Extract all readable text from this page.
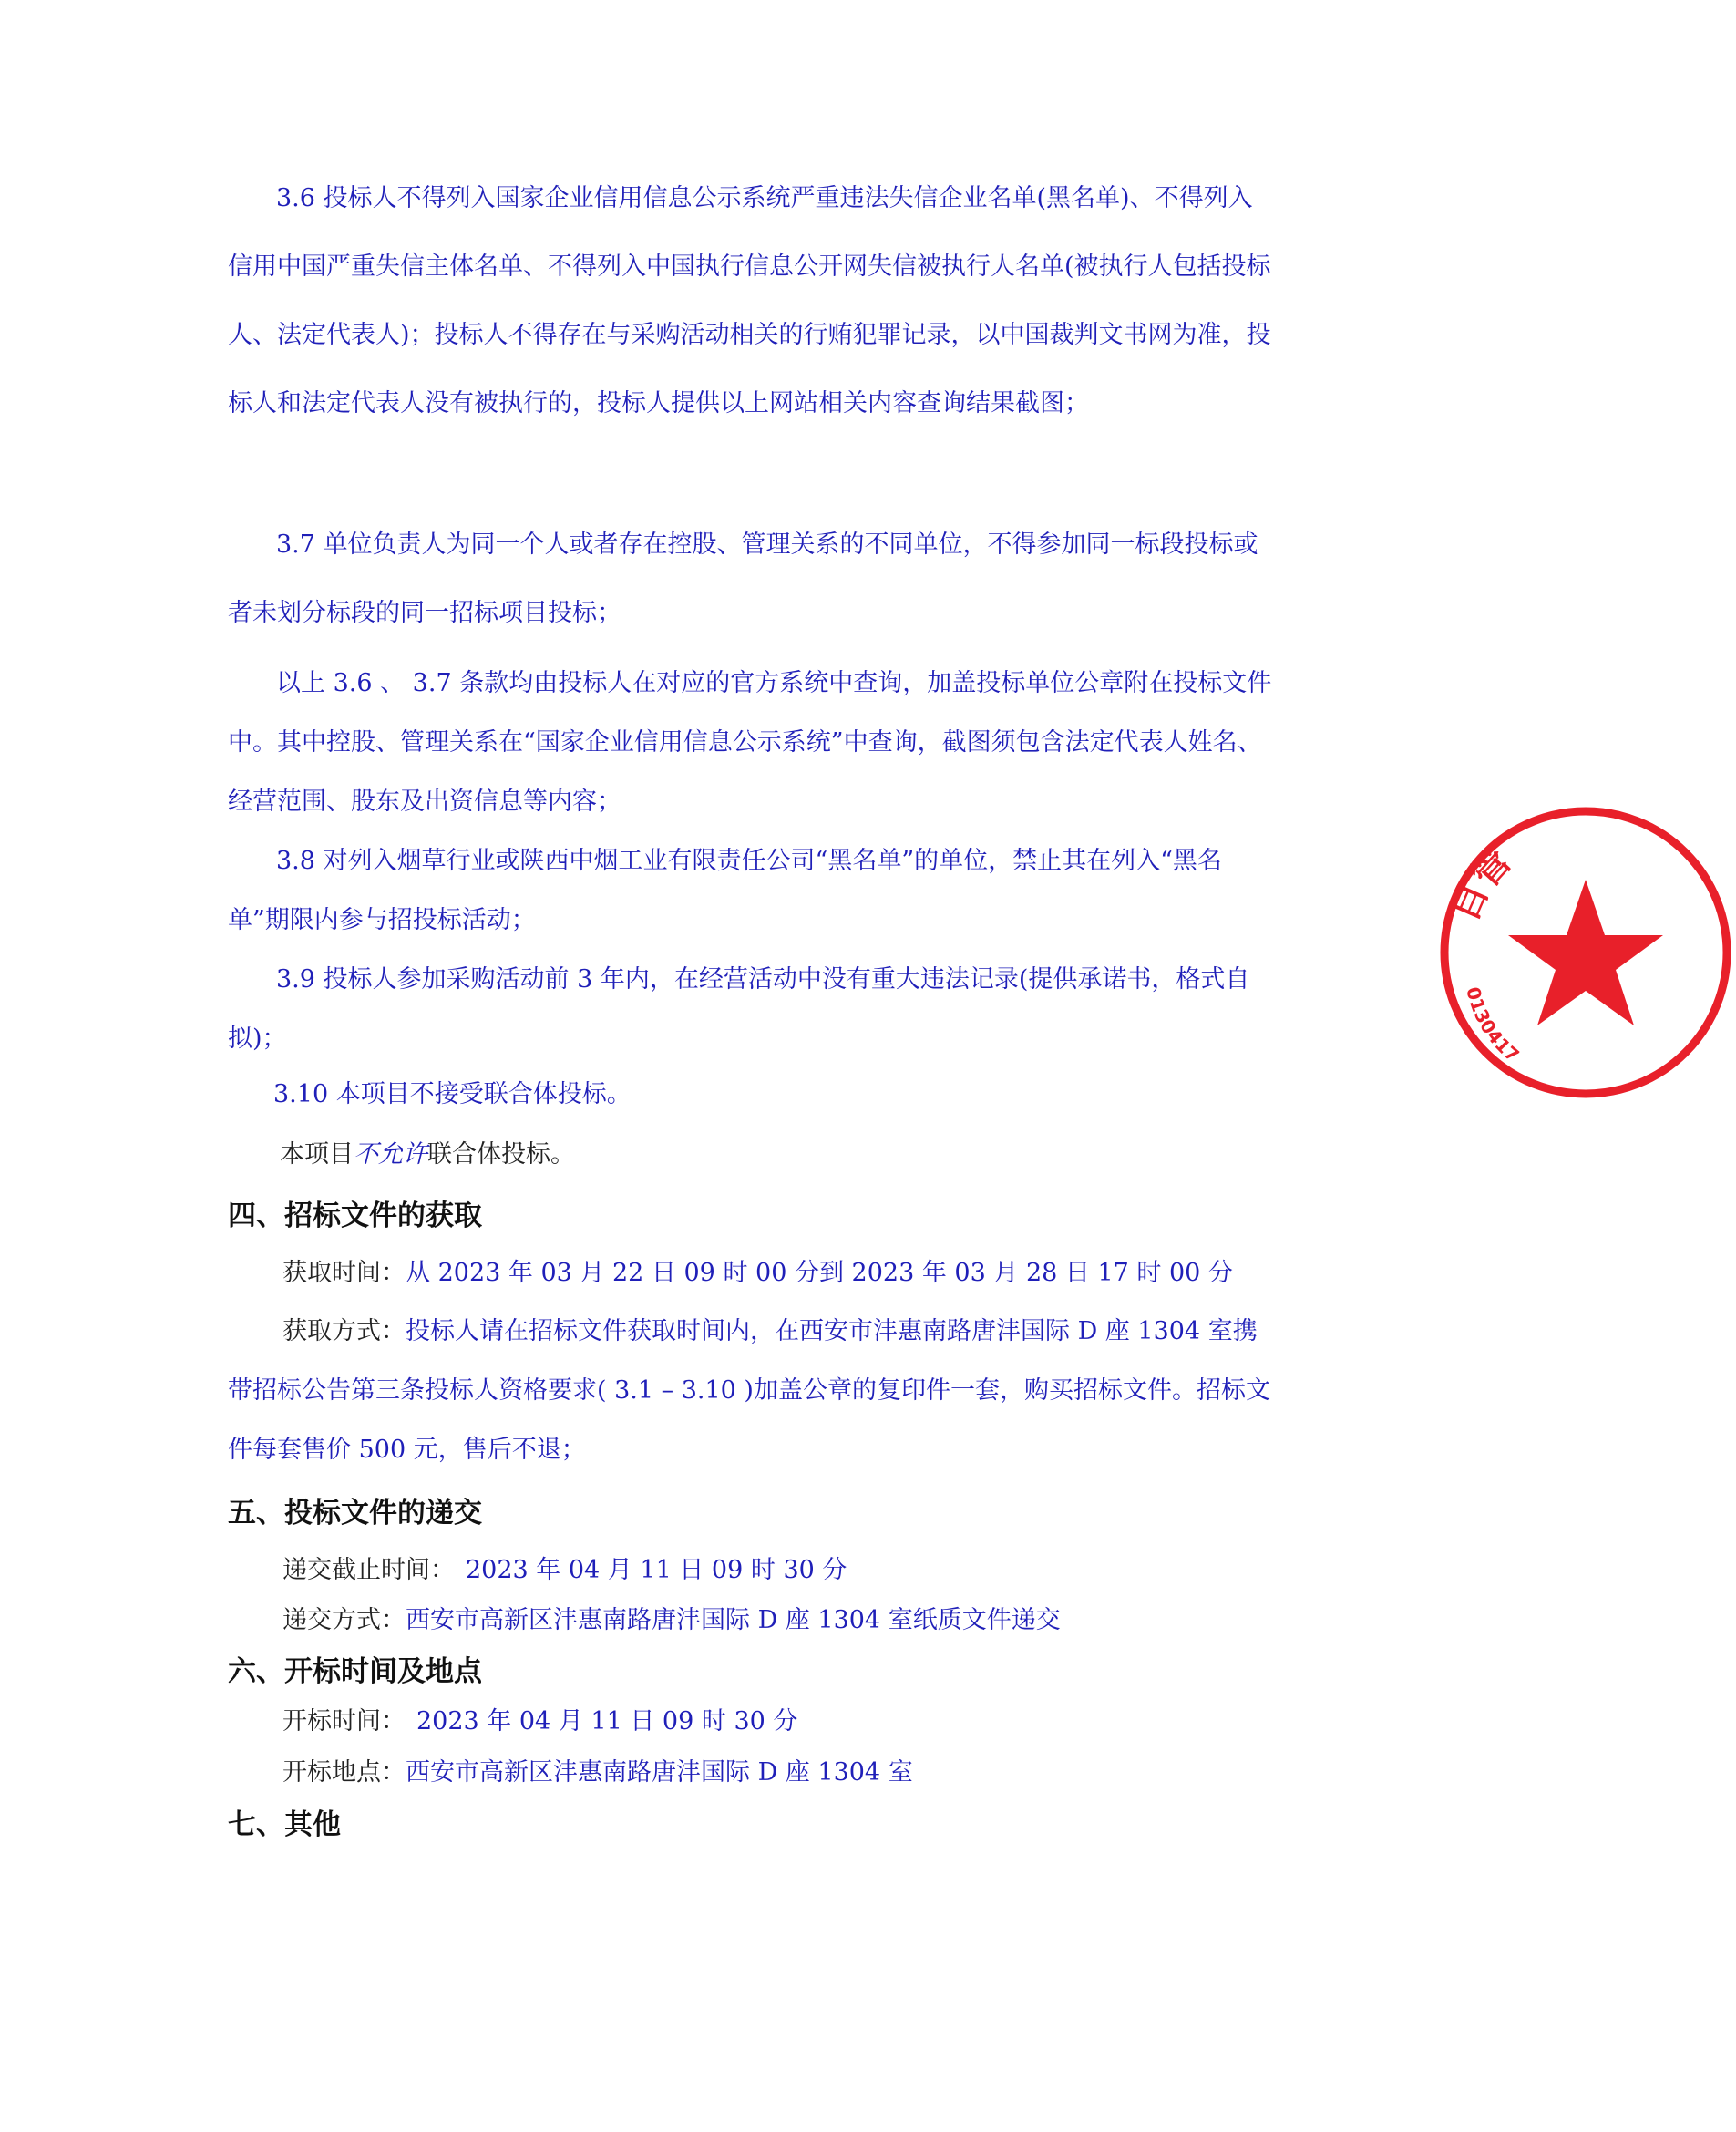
3.6 投标人不得列入国家企业信用信息公示系统严重违法失信企业名单(黑名单)、不得列入信用中国严重失信主体名单、不得列入中国执行信息公开网失信被执行人名单(被执行人包括投标人、法定代表人)；投标人不得存在与采购活动相关的行贿犯罪记录，以中国裁判文书网为准，投标人和法定代表人没有被执行的，投标人提供以上网站相关内容查询结果截图；
3.7 单位负责人为同一个人或者存在控股、管理关系的不同单位，不得参加同一标段投标或者未划分标段的同一招标项目投标；
以上 3.6 、 3.7 条款均由投标人在对应的官方系统中查询，加盖投标单位公章附在投标文件中。其中控股、管理关系在“国家企业信用信息公示系统”中查询，截图须包含法定代表人姓名、经营范围、股东及出资信息等内容；
3.8 对列入烟草行业或陕西中烟工业有限责任公司“黑名单”的单位，禁止其在列入“黑名单”期限内参与招投标活动；
3.9 投标人参加采购活动前 3 年内，在经营活动中没有重大违法记录(提供承诺书，格式自拟)；
3.10 本项目不接受联合体投标。
本项目不允许联合体投标。
四、招标文件的获取
获取时间：从 2023 年 03 月 22 日 09 时 00 分到 2023 年 03 月 28 日 17 时 00 分
获取方式：投标人请在招标文件获取时间内，在西安市沣惠南路唐沣国际 D 座 1304 室携带招标公告第三条投标人资格要求( 3.1 – 3.10 )加盖公章的复印件一套，购买招标文件。招标文件每套售价 500 元，售后不退；
五、投标文件的递交
递交截止时间： 2023 年 04 月 11 日 09 时 30 分
递交方式：西安市高新区沣惠南路唐沣国际 D 座 1304 室纸质文件递交
六、开标时间及地点
开标时间： 2023 年 04 月 11 日 09 时 30 分
开标地点：西安市高新区沣惠南路唐沣国际 D 座 1304 室
七、其他
目管
0130417
